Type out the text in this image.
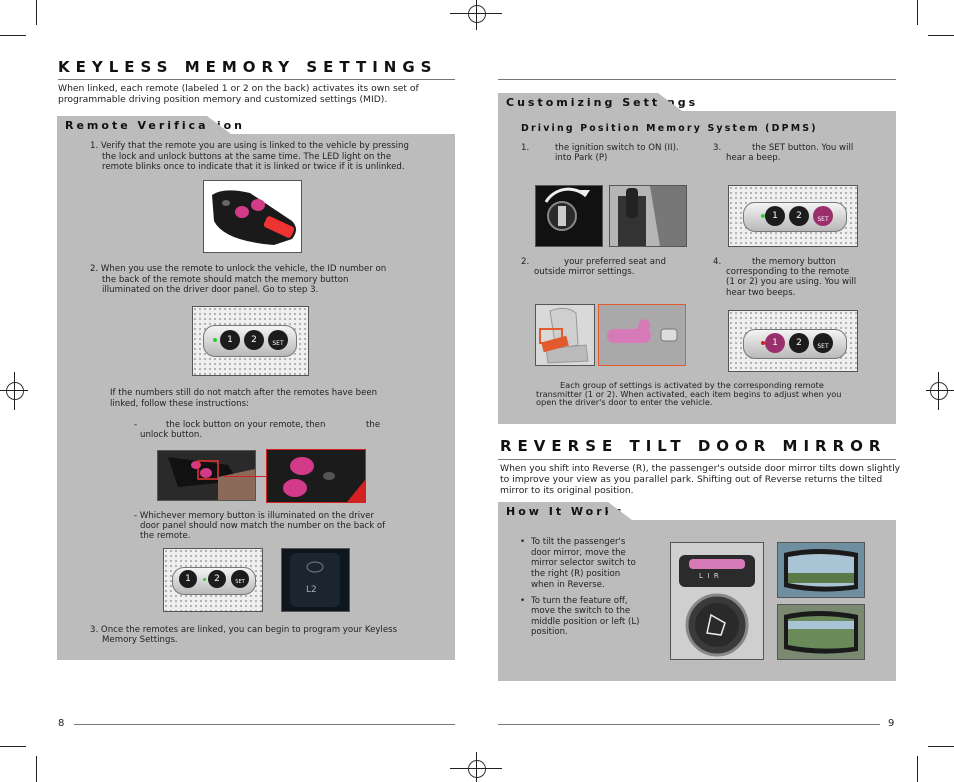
KEYLESS MEMORY SETTINGS
When linked, each remote (labeled 1 or 2 on the back) activates its own set of programmable driving position memory and customized settings (MID).
Remote Verification
1. Verify that the remote you are using is linked to the vehicle by pressing
the lock and unlock buttons at the same time. The LED light on the
remote blinks once to indicate that it is linked or twice if it is unlinked.
2. When you use the remote to unlock the vehicle, the ID number on
the back of the remote should match the memory button
illuminated on the driver door panel. Go to step 3.
1	2	SET
If the numbers still do not match after the remotes have been
linked, follow these instructions:
-	the lock button on your remote, then	the
unlock button.
- Whichever memory button is illuminated on the driver
door panel should now match the number on the back of
the remote.
1	2	SET
L2
3. Once the remotes are linked, you can begin to program your Keyless
Memory Settings.
8
Customizing Settings
Driving Position Memory System (DPMS)
1.	the ignition switch to ON (II).
into Park (P)
3.	the SET button. You will
hear a beep.
1	2	SET
2.	your preferred seat and
outside mirror settings.
4.	the memory button
corresponding to the remote
(1 or 2) you are using. You will
hear two beeps.
1	2	SET
Each group of settings is activated by the corresponding remote
transmitter (1 or 2). When activated, each item begins to adjust when you
open the driver's door to enter the vehicle.
REVERSE TILT DOOR MIRROR
When you shift into Reverse (R), the passenger's outside door mirror tilts down slightly
to improve your view as you parallel park. Shifting out of Reverse returns the tilted
mirror to its original position.
How It Works
• To tilt the passenger's
door mirror, move the
mirror selector switch to
the right (R) position
when in Reverse.
• To turn the feature off,
move the switch to the
middle position or left (L)
position.
L  I  R
9
